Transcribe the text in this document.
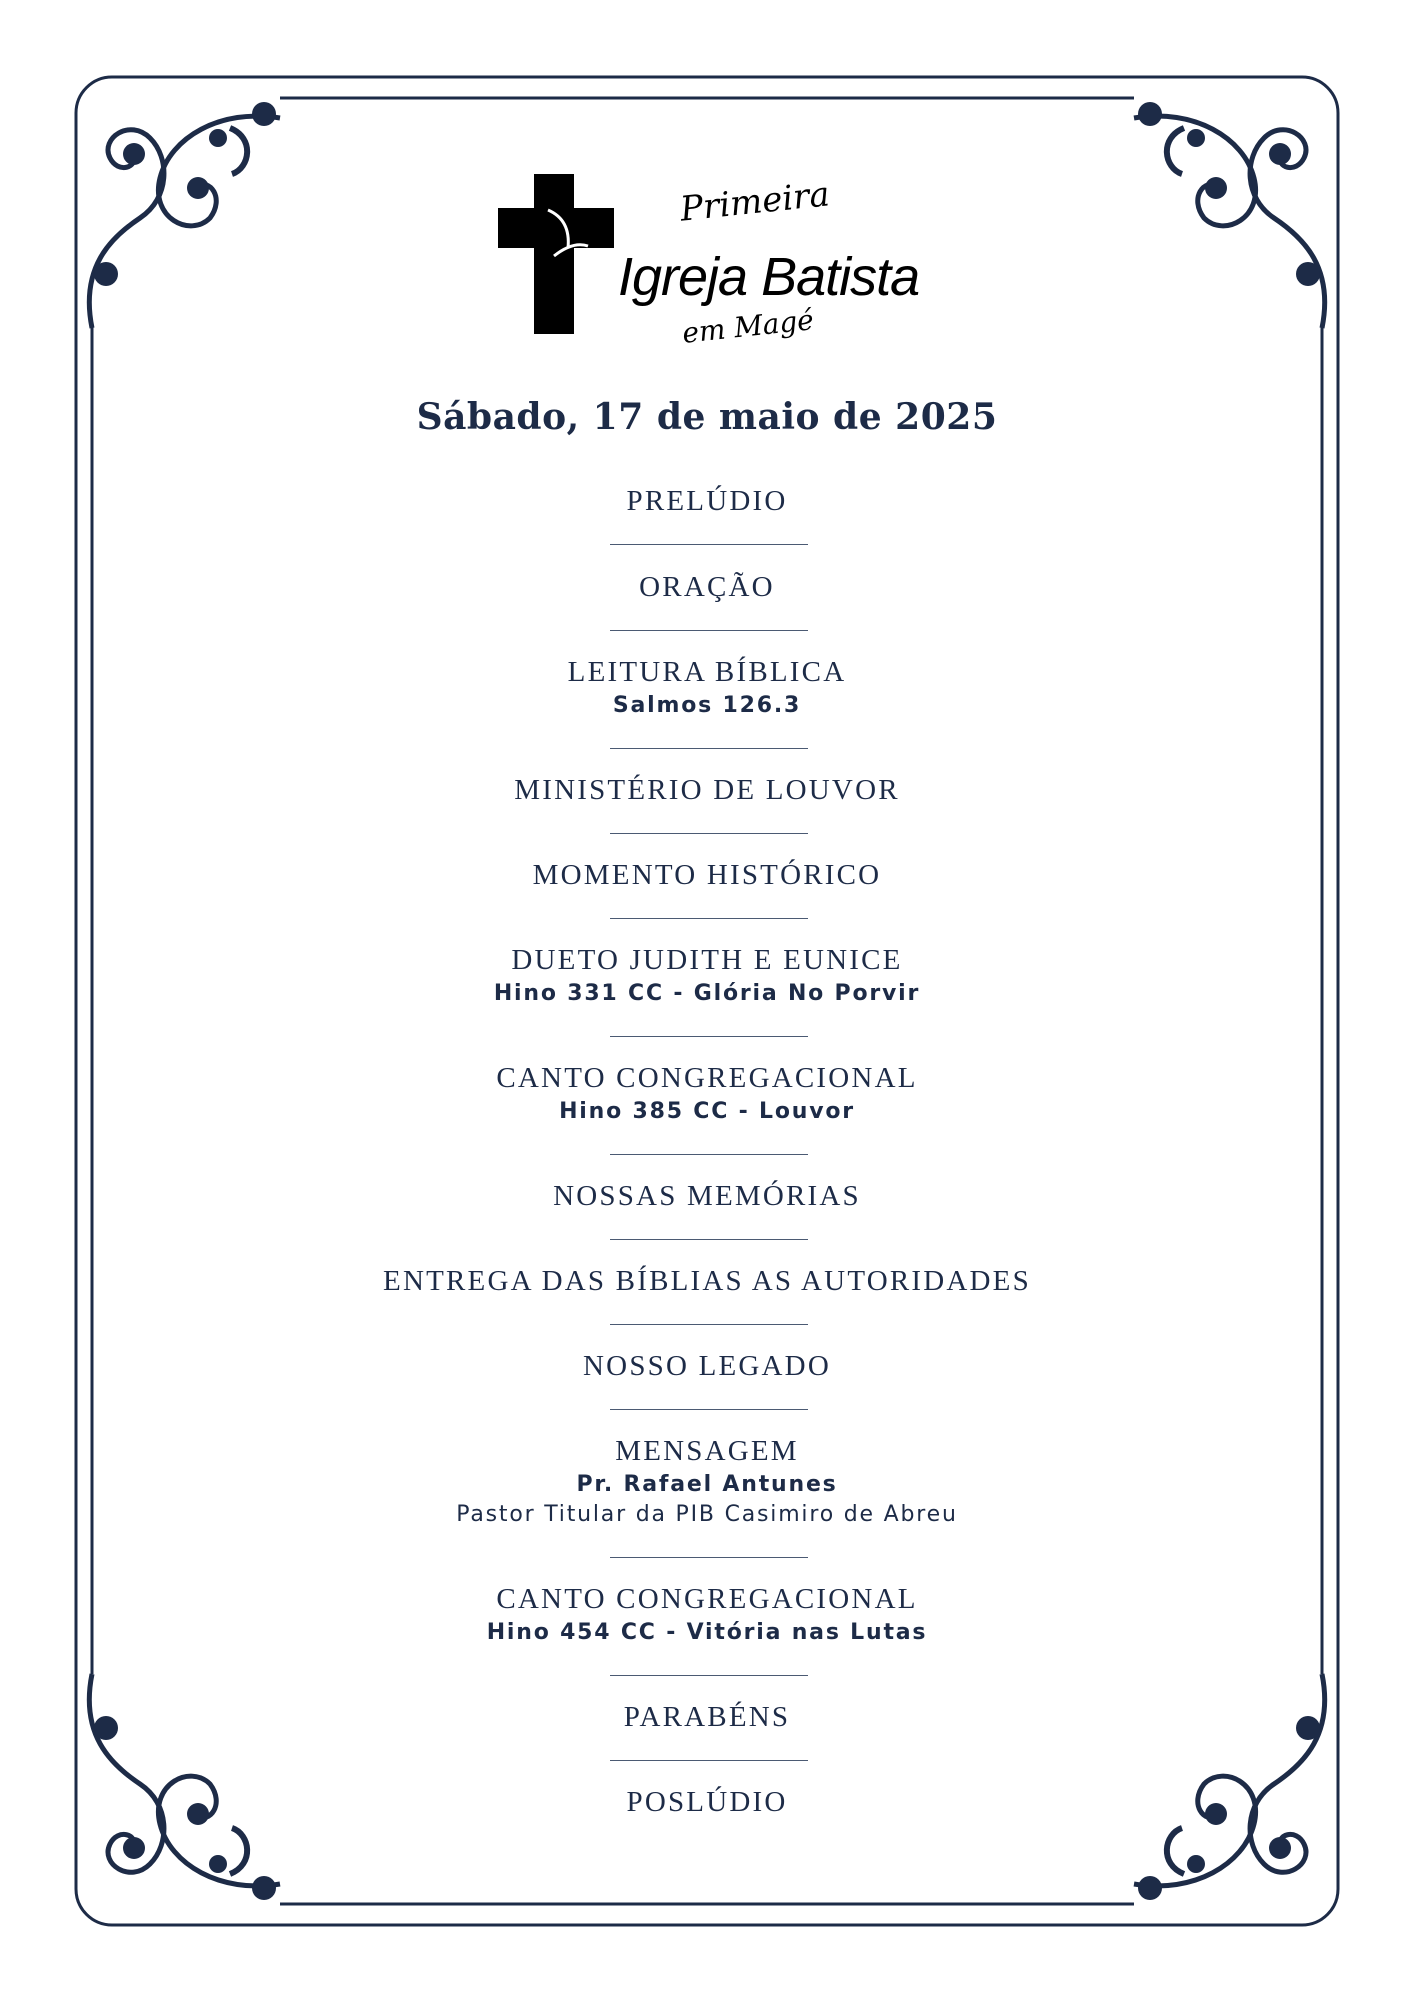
Primeira
Igreja Batista
em Magé
Sábado, 17 de maio de 2025
PRELÚDIO
ORAÇÃO
LEITURA BÍBLICA
Salmos 126.3
MINISTÉRIO DE LOUVOR
MOMENTO HISTÓRICO
DUETO JUDITH E EUNICE
Hino 331 CC - Glória No Porvir
CANTO CONGREGACIONAL
Hino 385 CC - Louvor
NOSSAS MEMÓRIAS
ENTREGA DAS BÍBLIAS AS AUTORIDADES
NOSSO LEGADO
MENSAGEM
Pr. Rafael Antunes
Pastor Titular da PIB Casimiro de Abreu
CANTO CONGREGACIONAL
Hino 454 CC - Vitória nas Lutas
PARABÉNS
POSLÚDIO
